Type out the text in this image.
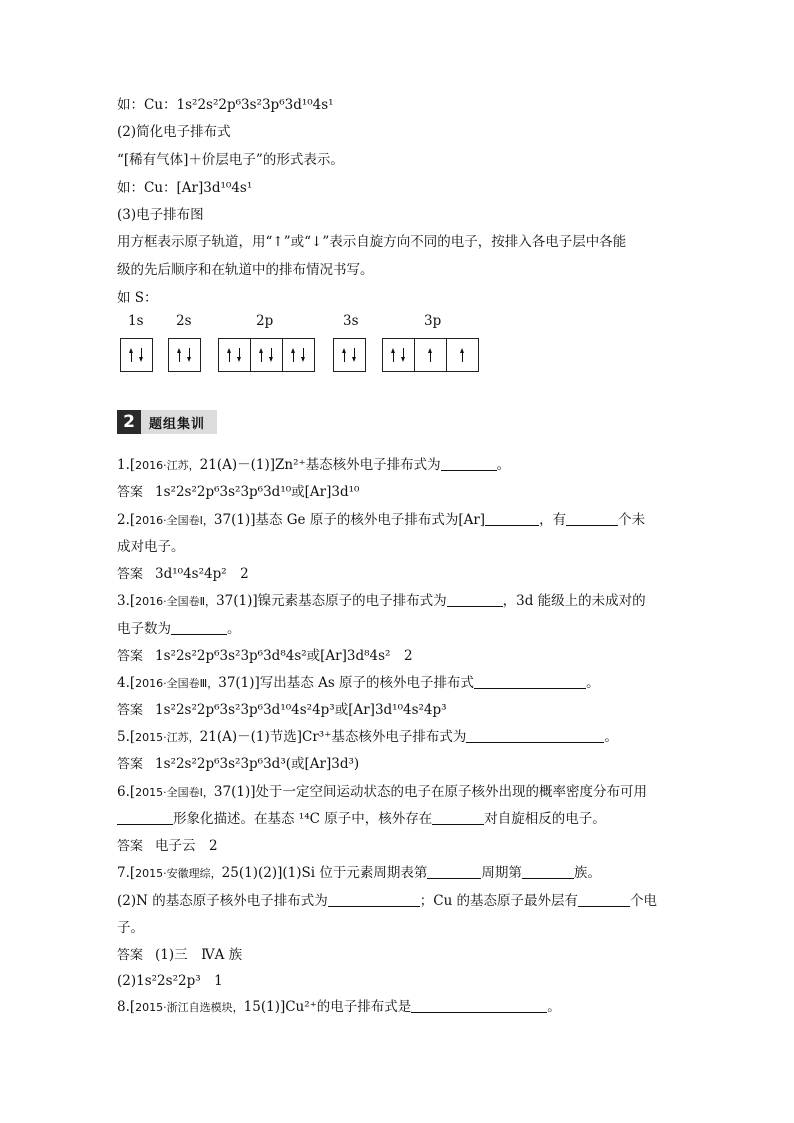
如：Cu：1s²2s²2p⁶3s²3p⁶3d¹⁰4s¹
(2)简化电子排布式
“[稀有气体]＋价层电子”的形式表示。
如：Cu：[Ar]3d¹⁰4s¹
(3)电子排布图
用方框表示原子轨道，用“↑”或“↓”表示自旋方向不同的电子，按排入各电子层中各能
级的先后顺序和在轨道中的排布情况书写。
如 S：
1s 2s	2p	3s	3p
2	题组集训
1.[2016·江苏，21(A)－(1)]Zn²⁺基态核外电子排布式为	。
答案 1s²2s²2p⁶3s²3p⁶3d¹⁰或[Ar]3d¹⁰
2.[2016·全国卷Ⅰ，37(1)]基态 Ge 原子的核外电子排布式为[Ar]	，有	个未
成对电子。
答案 3d¹⁰4s²4p²　2
3.[2016·全国卷Ⅱ，37(1)]镍元素基态原子的电子排布式为	，3d 能级上的未成对的
电子数为	。
答案 1s²2s²2p⁶3s²3p⁶3d⁸4s²或[Ar]3d⁸4s²　2
4.[2016·全国卷Ⅲ，37(1)]写出基态 As 原子的核外电子排布式	。
答案 1s²2s²2p⁶3s²3p⁶3d¹⁰4s²4p³或[Ar]3d¹⁰4s²4p³
5.[2015·江苏，21(A)－(1)节选]Cr³⁺基态核外电子排布式为	。
答案 1s²2s²2p⁶3s²3p⁶3d³(或[Ar]3d³)
6.[2015·全国卷Ⅰ，37(1)]处于一定空间运动状态的电子在原子核外出现的概率密度分布可用
形象化描述。在基态 ¹⁴C 原子中，核外存在	对自旋相反的电子。
答案 电子云　2
7.[2015·安徽理综，25(1)(2)](1)Si 位于元素周期表第	周期第	族。
(2)N 的基态原子核外电子排布式为	；Cu 的基态原子最外层有	个电
子。
答案 (1)三　ⅣA 族
(2)1s²2s²2p³　1
8.[2015·浙江自选模块，15(1)]Cu²⁺的电子排布式是	。
